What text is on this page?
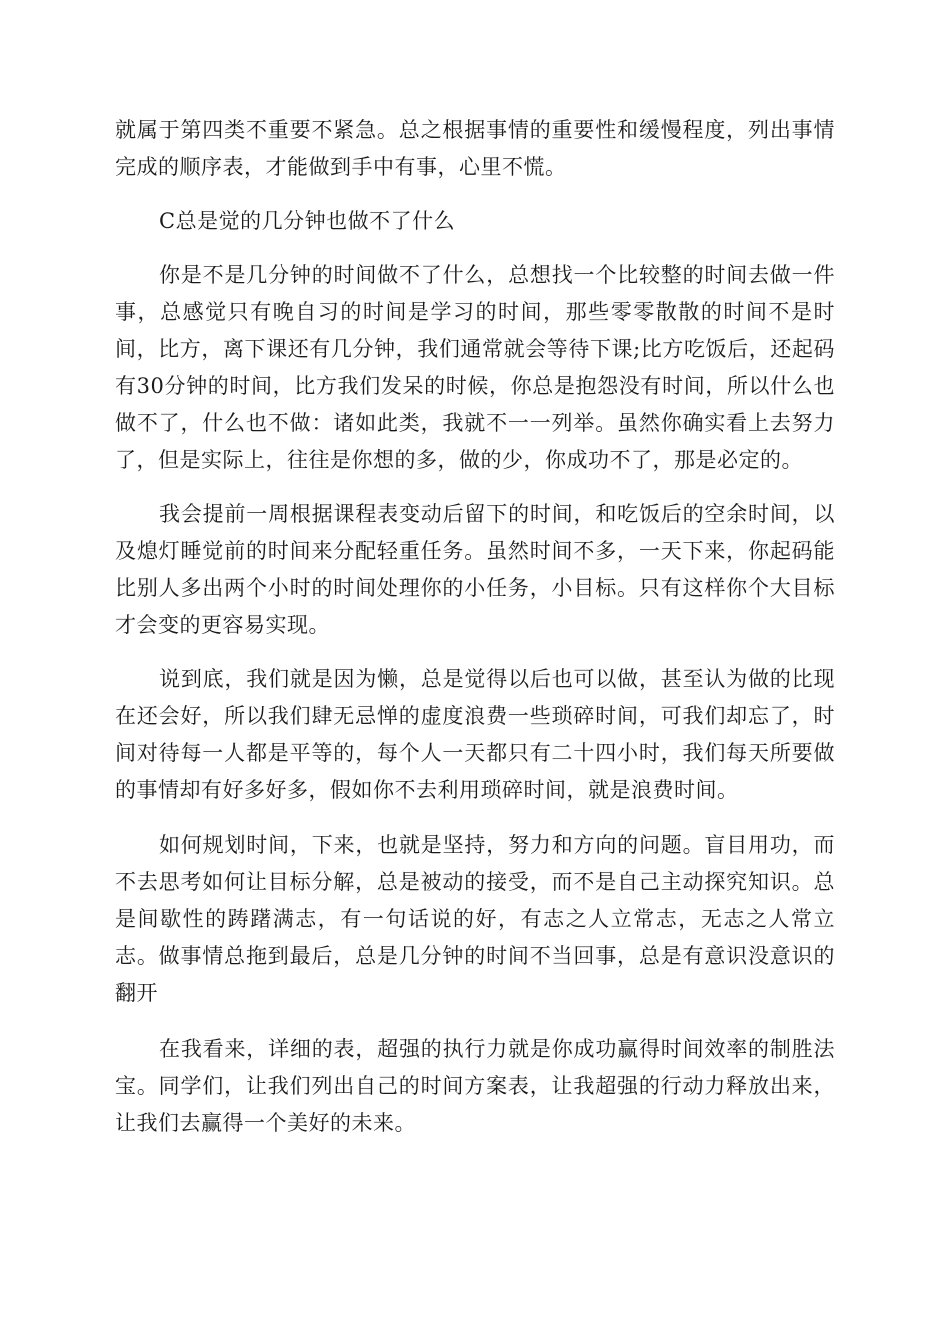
就属于第四类不重要不紧急。总之根据事情的重要性和缓慢程度，列出事情完成的顺序表，才能做到手中有事，心里不慌。

C总是觉的几分钟也做不了什么

你是不是几分钟的时间做不了什么，总想找一个比较整的时间去做一件事，总感觉只有晚自习的时间是学习的时间，那些零零散散的时间不是时间，比方，离下课还有几分钟，我们通常就会等待下课;比方吃饭后，还起码有30分钟的时间，比方我们发呆的时候，你总是抱怨没有时间，所以什么也做不了，什么也不做：诸如此类，我就不一一列举。虽然你确实看上去努力了，但是实际上，往往是你想的多，做的少，你成功不了，那是必定的。

我会提前一周根据课程表变动后留下的时间，和吃饭后的空余时间，以及熄灯睡觉前的时间来分配轻重任务。虽然时间不多，一天下来，你起码能比别人多出两个小时的时间处理你的小任务，小目标。只有这样你个大目标才会变的更容易实现。

说到底，我们就是因为懒，总是觉得以后也可以做，甚至认为做的比现在还会好，所以我们肆无忌惮的虚度浪费一些琐碎时间，可我们却忘了，时间对待每一人都是平等的，每个人一天都只有二十四小时，我们每天所要做的事情却有好多好多，假如你不去利用琐碎时间，就是浪费时间。

如何规划时间，下来，也就是坚持，努力和方向的问题。盲目用功，而不去思考如何让目标分解，总是被动的接受，而不是自己主动探究知识。总是间歇性的踌躇满志，有一句话说的好，有志之人立常志，无志之人常立志。做事情总拖到最后，总是几分钟的时间不当回事，总是有意识没意识的翻开

在我看来，详细的表，超强的执行力就是你成功赢得时间效率的制胜法宝。同学们，让我们列出自己的时间方案表，让我超强的行动力释放出来，让我们去赢得一个美好的未来。
